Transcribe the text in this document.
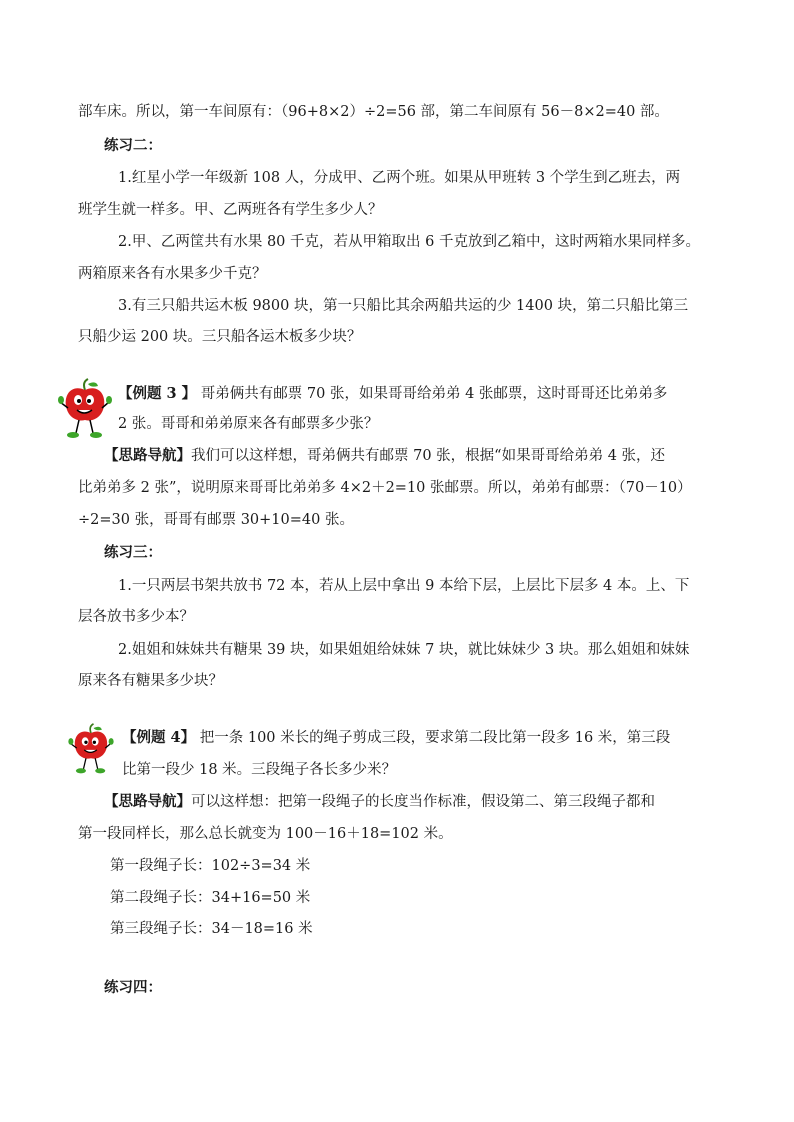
部车床。所以，第一车间原有：（96+8×2）÷2=56 部，第二车间原有 56－8×2=40 部。
练习二：
1.红星小学一年级新 108 人，分成甲、乙两个班。如果从甲班转 3 个学生到乙班去，两
班学生就一样多。甲、乙两班各有学生多少人？
2.甲、乙两筐共有水果 80 千克，若从甲箱取出 6 千克放到乙箱中，这时两箱水果同样多。
两箱原来各有水果多少千克？
3.有三只船共运木板 9800 块，第一只船比其余两船共运的少 1400 块，第二只船比第三
只船少运 200 块。三只船各运木板多少块？
【例题 3 】 哥弟俩共有邮票 70 张，如果哥哥给弟弟 4 张邮票，这时哥哥还比弟弟多
2 张。哥哥和弟弟原来各有邮票多少张？
【思路导航】我们可以这样想，哥弟俩共有邮票 70 张，根据“如果哥哥给弟弟 4 张，还
比弟弟多 2 张”，说明原来哥哥比弟弟多 4×2＋2=10 张邮票。所以，弟弟有邮票：（70－10）
÷2=30 张，哥哥有邮票 30+10=40 张。
练习三：
1.一只两层书架共放书 72 本，若从上层中拿出 9 本给下层，上层比下层多 4 本。上、下
层各放书多少本？
2.姐姐和妹妹共有糖果 39 块，如果姐姐给妹妹 7 块，就比妹妹少 3 块。那么姐姐和妹妹
原来各有糖果多少块？
【例题 4】 把一条 100 米长的绳子剪成三段，要求第二段比第一段多 16 米，第三段
比第一段少 18 米。三段绳子各长多少米？
【思路导航】可以这样想：把第一段绳子的长度当作标准，假设第二、第三段绳子都和
第一段同样长，那么总长就变为 100－16＋18=102 米。
第一段绳子长：102÷3=34 米
第二段绳子长：34+16=50 米
第三段绳子长：34－18=16 米
练习四：
